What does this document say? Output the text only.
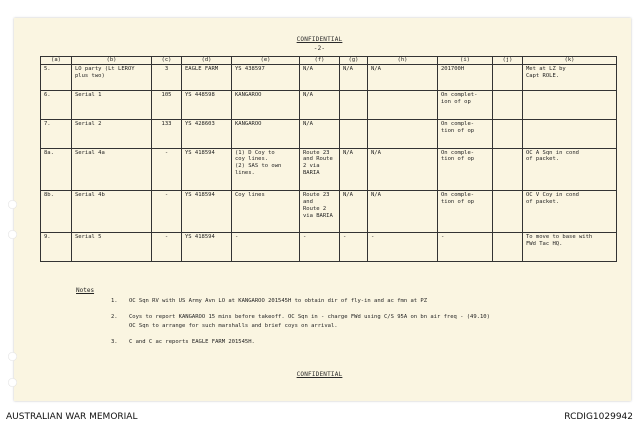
CONFIDENTIAL
-2-
(a)	(b)	(c)	(d)	(e)	(f)	(g)	(h)	(i)	(j)	(k)
5.	LO party (Lt LEROY
plus two)	3	EAGLE FARM	YS 438597	N/A	N/A	N/A	201700H		Met at LZ by
Capt ROLE.
6.	Serial 1	105	YS 448598	KANGAROO	N/A			On complet-
ion of op		
7.	Serial 2	133	YS 428603	KANGAROO	N/A			On comple-
tion of op		
8a.	Serial 4a	-	YS 418594	(1) D Coy to
coy lines.
(2) SAS to own
lines.	Route 23
and Route
2 via
BARIA	N/A	N/A	On comple-
tion of op		OC A Sqn in cond
of packet.
8b.	Serial 4b	-	YS 418594	Coy lines	Route 23
and
Route 2
via BARIA	N/A	N/A	On comple-
tion of op		OC V Coy in cond
of packet.
9.	Serial 5	-	YS 418594	-	-	-	-	-		To move to base with
FWd Tac HQ.
Notes
1. OC Sqn RV with US Army Avn LO at KANGAROO 201545H to obtain dir of fly-in and ac fmn at PZ
2. Coys to report KANGAROO 15 mins before takeoff. OC Sqn in - charge FWd using C/S 95A on bn air freq - (49.10)
OC Sqn to arrange for such marshalls and brief coys on arrival.
3. C and C ac reports EAGLE FARM 201545H.
CONFIDENTIAL
AUSTRALIAN WAR MEMORIAL	RCDIG1029942
